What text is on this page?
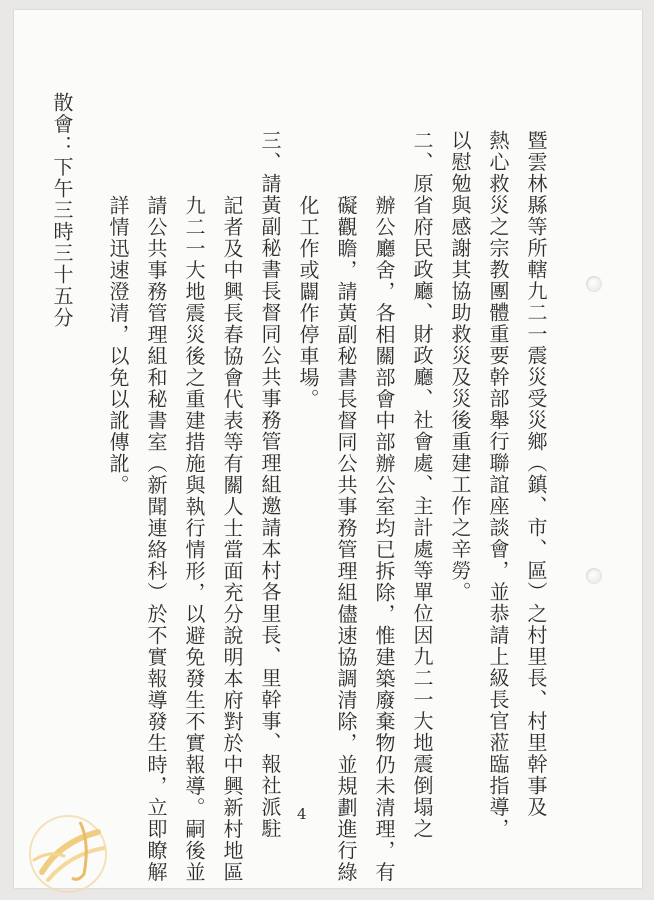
暨雲林縣等所轄九二一震災受災鄉（鎮、市、區）之村里長、村里幹事及

熱心救災之宗教團體重要幹部舉行聯誼座談會，並恭請上級長官蒞臨指導，

以慰勉與感謝其協助救災及災後重建工作之辛勞。

二、原省府民政廳、財政廳、社會處、主計處等單位因九二一大地震倒塌之

辦公廳舍，各相關部會中部辦公室均已拆除，惟建築廢棄物仍未清理，有

礙觀瞻，請黃副秘書長督同公共事務管理組儘速協調清除，並規劃進行綠

化工作或闢作停車場。

三、請黃副秘書長督同公共事務管理組邀請本村各里長、里幹事、報社派駐

記者及中興長春協會代表等有關人士當面充分說明本府對於中興新村地區

九二一大地震災後之重建措施與執行情形，以避免發生不實報導。嗣後並

請公共事務管理組和秘書室（新聞連絡科）於不實報導發生時，立即瞭解

詳情迅速澄清，以免以訛傳訛。

散會：下午三時三十五分

4
